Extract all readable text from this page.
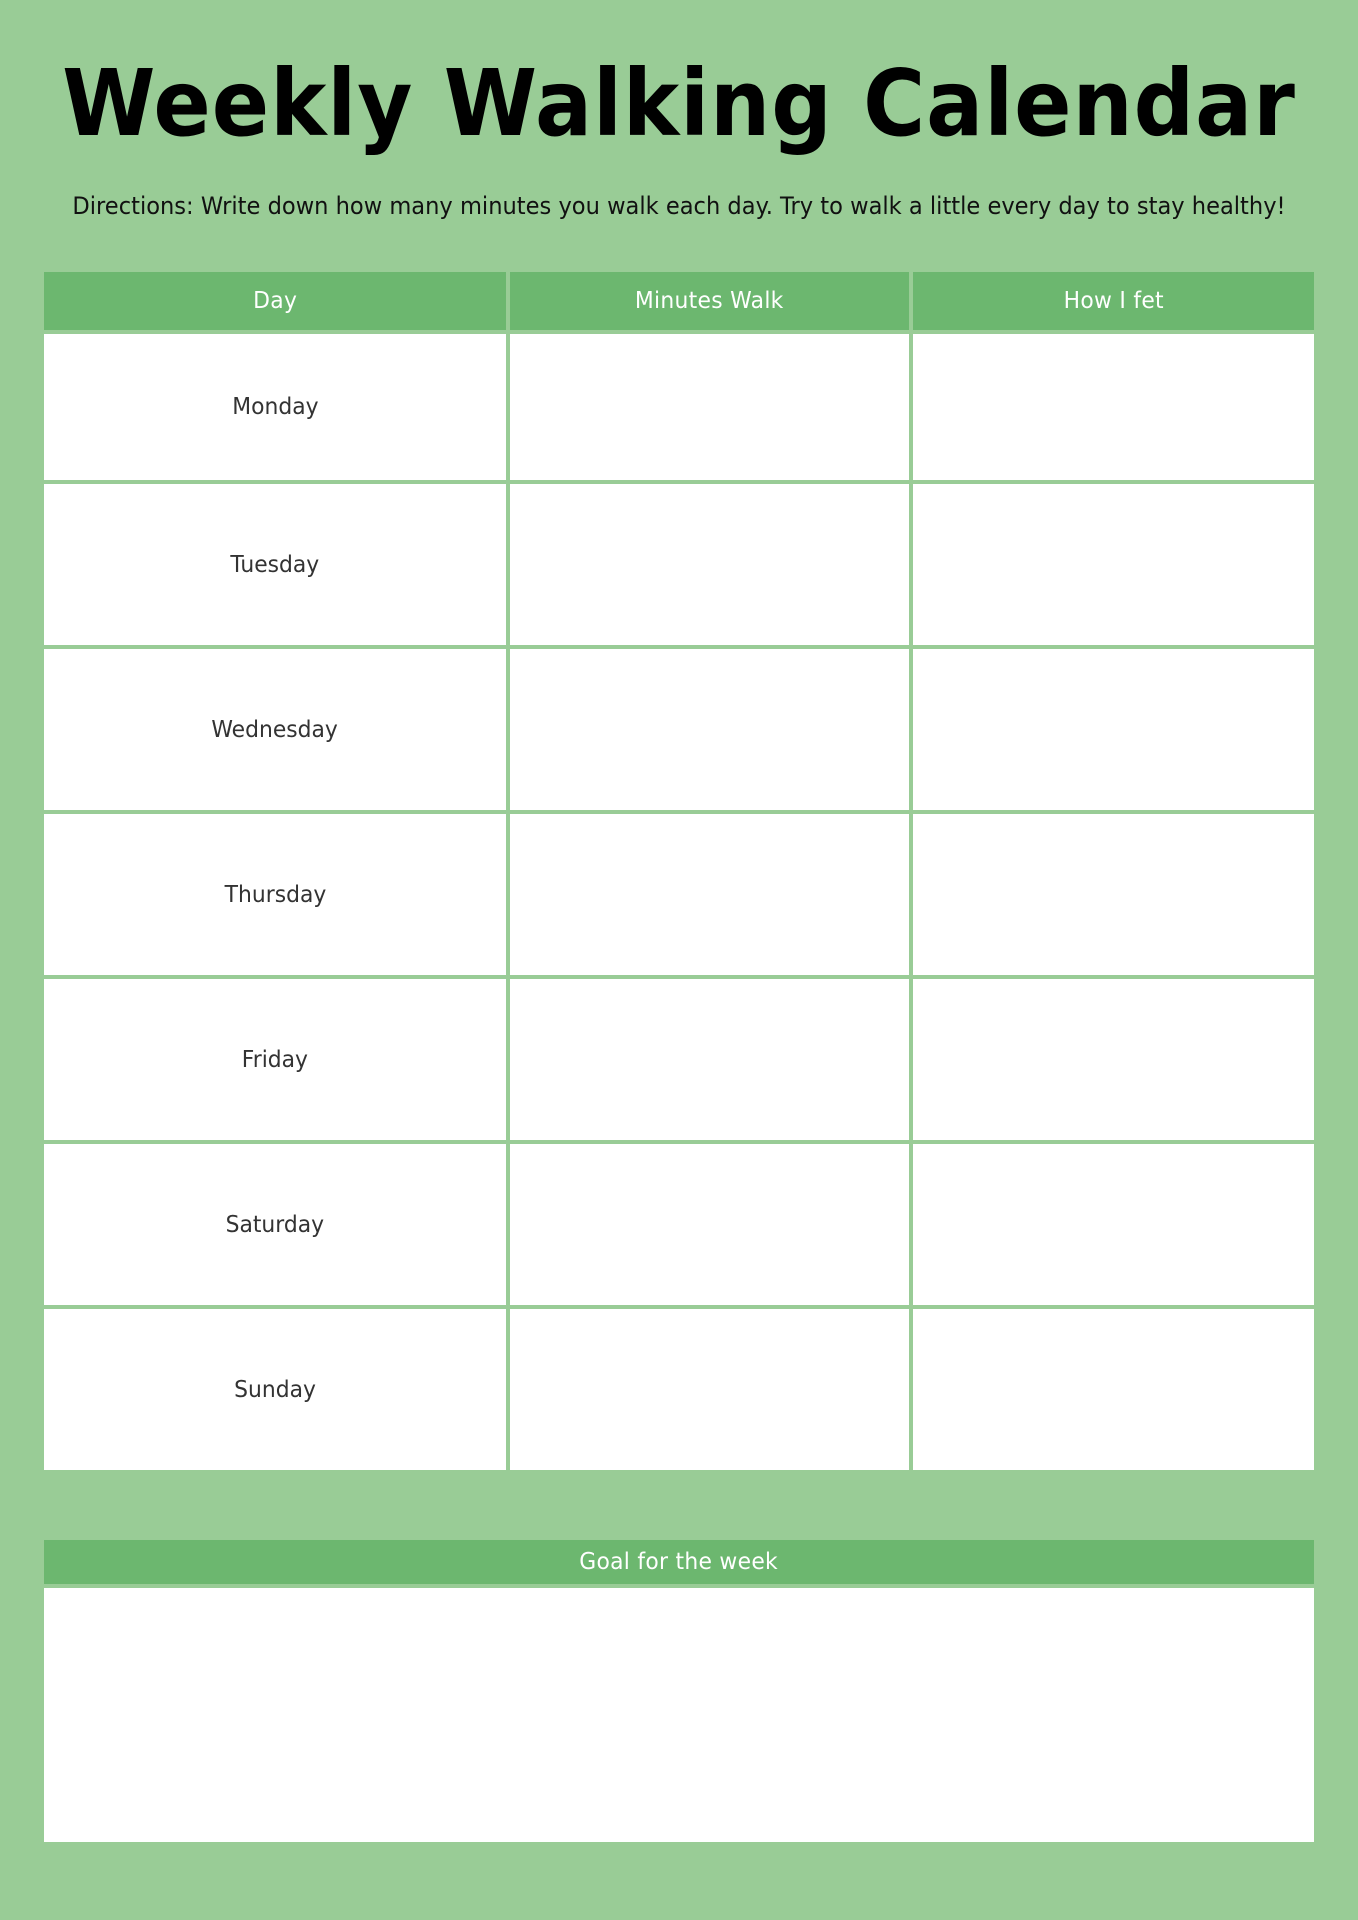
Weekly Walking Calendar

Directions: Write down how many minutes you walk each day. Try to walk a little every day to stay healthy!

Day	Minutes Walk	How I fet
Monday
Tuesday
Wednesday
Thursday
Friday
Saturday
Sunday
Goal for the week
